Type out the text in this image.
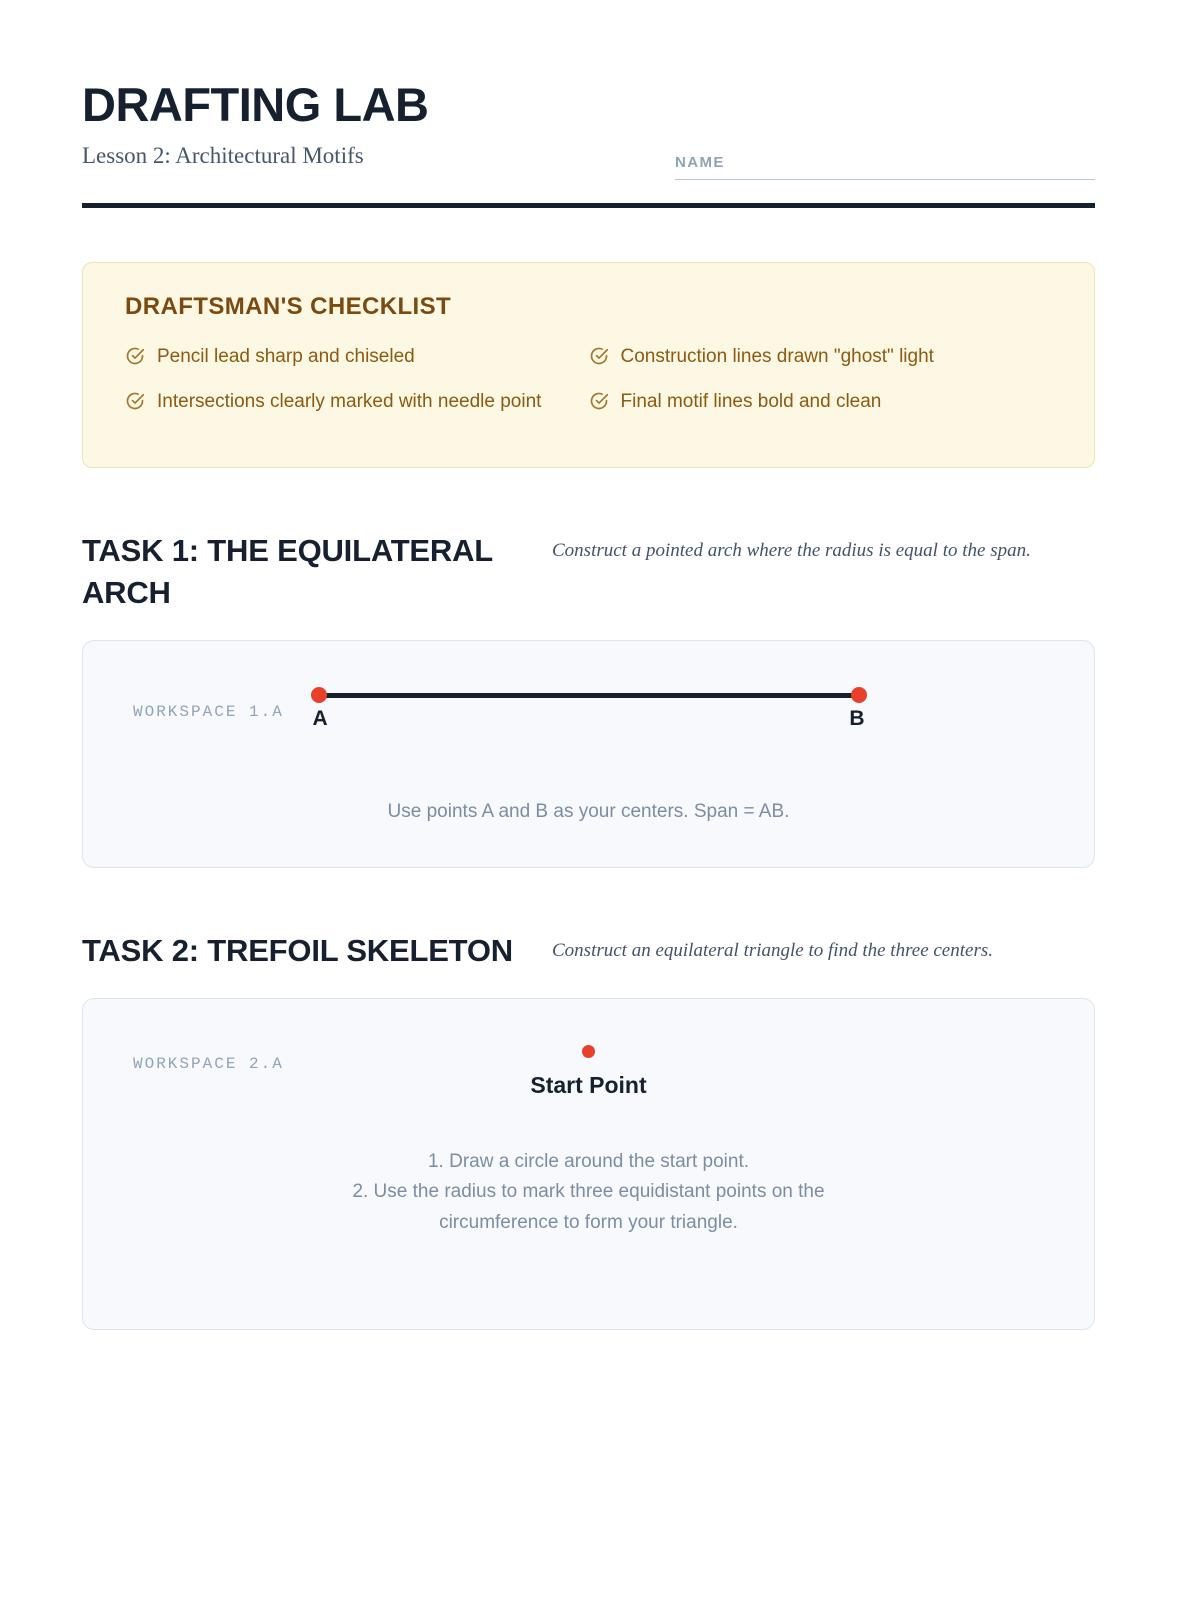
DRAFTING LAB
Lesson 2: Architectural Motifs	NAME
DRAFTSMAN'S CHECKLIST
Pencil lead sharp and chiseled
Intersections clearly marked with needle point
Construction lines drawn "ghost" light
Final motif lines bold and clean
TASK 1: THE EQUILATERAL ARCH
Construct a pointed arch where the radius is equal to the span.
WORKSPACE 1.A A	B
Use points A and B as your centers. Span = AB.
TASK 2: TREFOIL SKELETON	Construct an equilateral triangle to find the three centers.
WORKSPACE 2.A
Start Point
1. Draw a circle around the start point.
2. Use the radius to mark three equidistant points on the
circumference to form your triangle.
